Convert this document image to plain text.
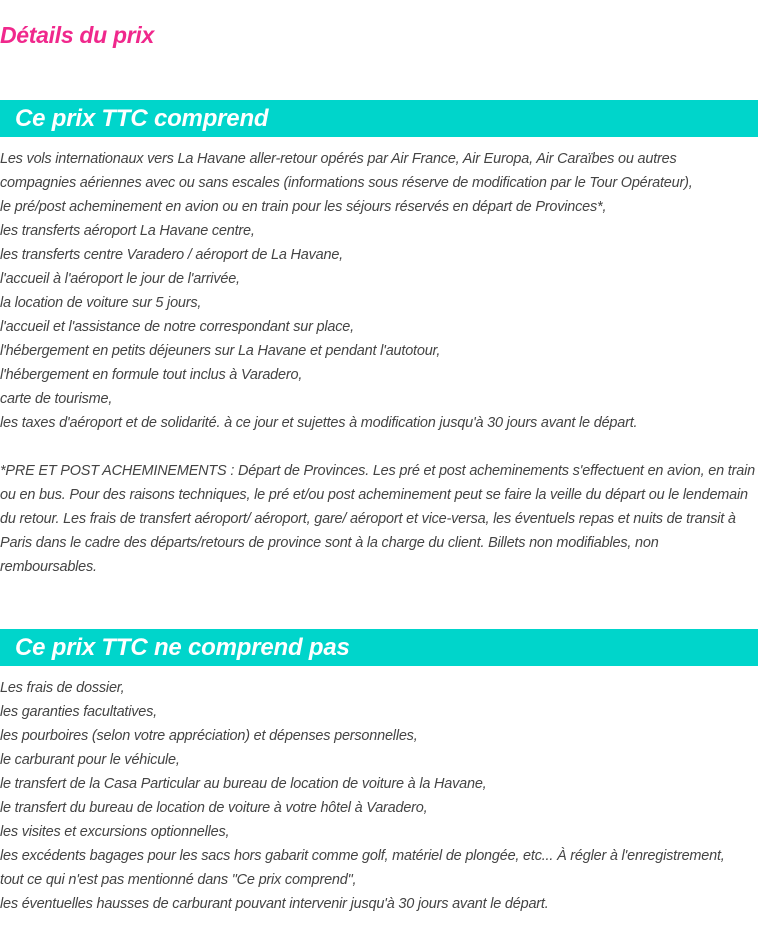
Détails du prix
Ce prix TTC comprend
Les vols internationaux vers La Havane aller-retour opérés par Air France, Air Europa, Air Caraïbes ou autres
compagnies aériennes avec ou sans escales (informations sous réserve de modification par le Tour Opérateur),
le pré/post acheminement en avion ou en train pour les séjours réservés en départ de Provinces*,
les transferts aéroport La Havane centre,
les transferts centre Varadero / aéroport de La Havane,
l'accueil à l'aéroport le jour de l'arrivée,
la location de voiture sur 5 jours,
l'accueil et l'assistance de notre correspondant sur place,
l'hébergement en petits déjeuners sur La Havane et pendant l'autotour,
l'hébergement en formule tout inclus à Varadero,
carte de tourisme,
les taxes d'aéroport et de solidarité. à ce jour et sujettes à modification jusqu'à 30 jours avant le départ.
*PRE ET POST ACHEMINEMENTS : Départ de Provinces. Les pré et post acheminements s'effectuent en avion, en train
ou en bus. Pour des raisons techniques, le pré et/ou post acheminement peut se faire la veille du départ ou le lendemain
du retour. Les frais de transfert aéroport/ aéroport, gare/ aéroport et vice-versa, les éventuels repas et nuits de transit à
Paris dans le cadre des départs/retours de province sont à la charge du client. Billets non modifiables, non
remboursables.
Ce prix TTC ne comprend pas
Les frais de dossier,
les garanties facultatives,
les pourboires (selon votre appréciation) et dépenses personnelles,
le carburant pour le véhicule,
le transfert de la Casa Particular au bureau de location de voiture à la Havane,
le transfert du bureau de location de voiture à votre hôtel à Varadero,
les visites et excursions optionnelles,
les excédents bagages pour les sacs hors gabarit comme golf, matériel de plongée, etc... À régler à l'enregistrement,
tout ce qui n'est pas mentionné dans "Ce prix comprend",
les éventuelles hausses de carburant pouvant intervenir jusqu'à 30 jours avant le départ.
